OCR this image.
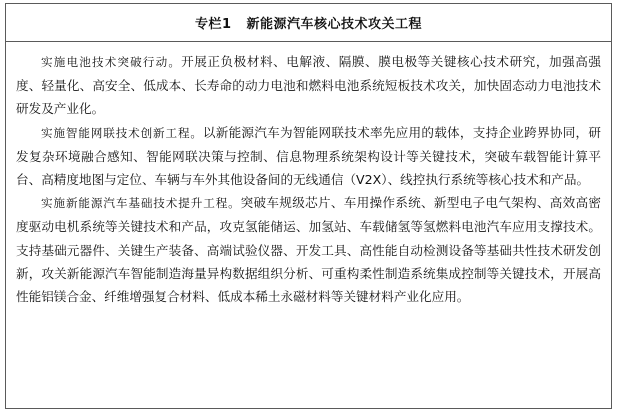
专栏1   新能源汽车核心技术攻关工程

实施电池技术突破行动。开展正负极材料、电解液、隔膜、膜电极等关键核心技术研究，加强高强度、轻量化、高安全、低成本、长寿命的动力电池和燃料电池系统短板技术攻关，加快固态动力电池技术研发及产业化。

实施智能网联技术创新工程。以新能源汽车为智能网联技术率先应用的载体，支持企业跨界协同，研发复杂环境融合感知、智能网联决策与控制、信息物理系统架构设计等关键技术，突破车载智能计算平台、高精度地图与定位、车辆与车外其他设备间的无线通信（V2X）、线控执行系统等核心技术和产品。

实施新能源汽车基础技术提升工程。突破车规级芯片、车用操作系统、新型电子电气架构、高效高密度驱动电机系统等关键技术和产品，攻克氢能储运、加氢站、车载储氢等氢燃料电池汽车应用支撑技术。支持基础元器件、关键生产装备、高端试验仪器、开发工具、高性能自动检测设备等基础共性技术研发创新，攻关新能源汽车智能制造海量异构数据组织分析、可重构柔性制造系统集成控制等关键技术，开展高性能铝镁合金、纤维增强复合材料、低成本稀土永磁材料等关键材料产业化应用。
